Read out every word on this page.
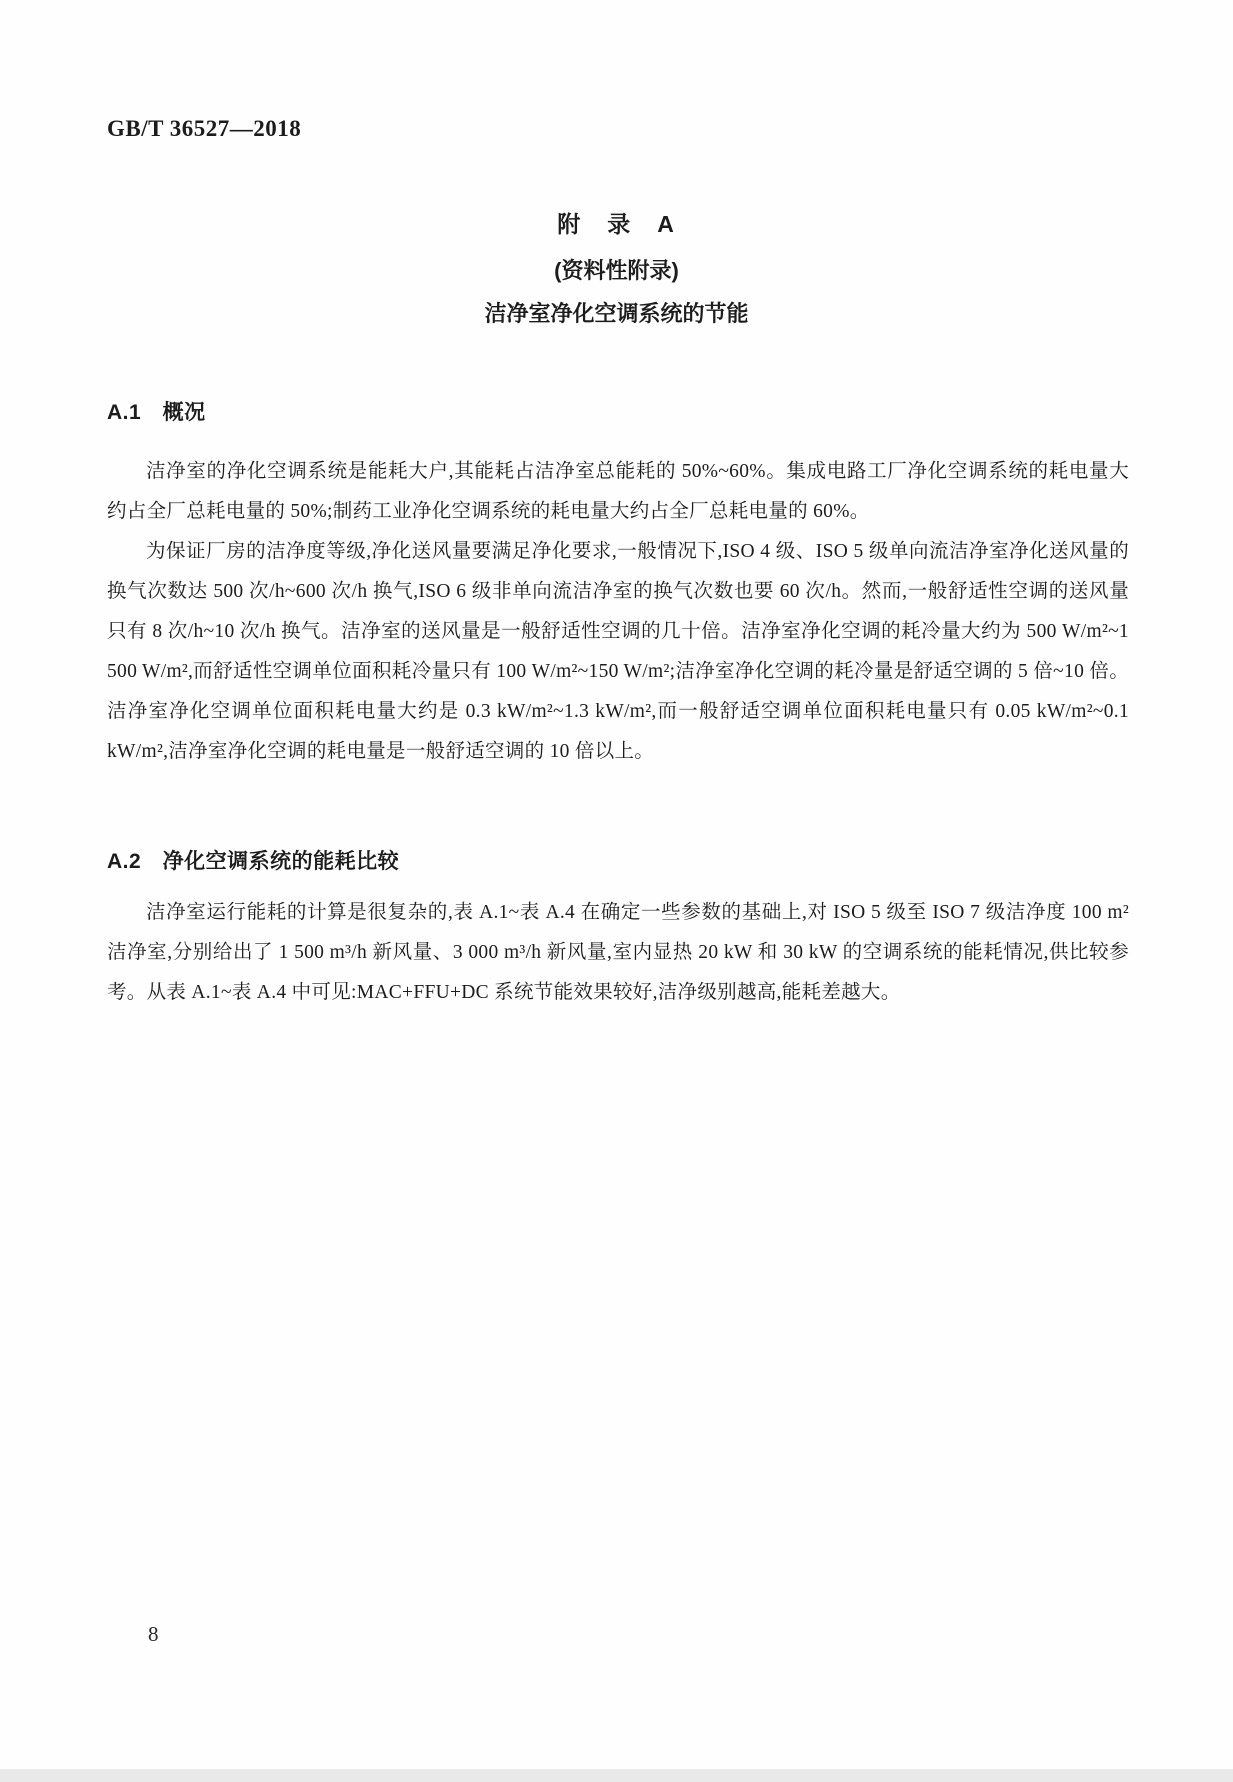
GB/T 36527—2018
附　录　A
(资料性附录)
洁净室净化空调系统的节能
A.1　概况

洁净室的净化空调系统是能耗大户,其能耗占洁净室总能耗的 50%~60%。集成电路工厂净化空调系统的耗电量大约占全厂总耗电量的 50%;制药工业净化空调系统的耗电量大约占全厂总耗电量的 60%。

为保证厂房的洁净度等级,净化送风量要满足净化要求,一般情况下,ISO 4 级、ISO 5 级单向流洁净室净化送风量的换气次数达 500 次/h~600 次/h 换气,ISO 6 级非单向流洁净室的换气次数也要 60 次/h。然而,一般舒适性空调的送风量只有 8 次/h~10 次/h 换气。洁净室的送风量是一般舒适性空调的几十倍。洁净室净化空调的耗冷量大约为 500 W/m²~1 500 W/m²,而舒适性空调单位面积耗冷量只有 100 W/m²~150 W/m²;洁净室净化空调的耗冷量是舒适空调的 5 倍~10 倍。洁净室净化空调单位面积耗电量大约是 0.3 kW/m²~1.3 kW/m²,而一般舒适空调单位面积耗电量只有 0.05 kW/m²~0.1 kW/m²,洁净室净化空调的耗电量是一般舒适空调的 10 倍以上。

A.2　净化空调系统的能耗比较

洁净室运行能耗的计算是很复杂的,表 A.1~表 A.4 在确定一些参数的基础上,对 ISO 5 级至 ISO 7 级洁净度 100 m² 洁净室,分别给出了 1 500 m³/h 新风量、3 000 m³/h 新风量,室内显热 20 kW 和 30 kW 的空调系统的能耗情况,供比较参考。从表 A.1~表 A.4 中可见:MAC+FFU+DC 系统节能效果较好,洁净级别越高,能耗差越大。

8
